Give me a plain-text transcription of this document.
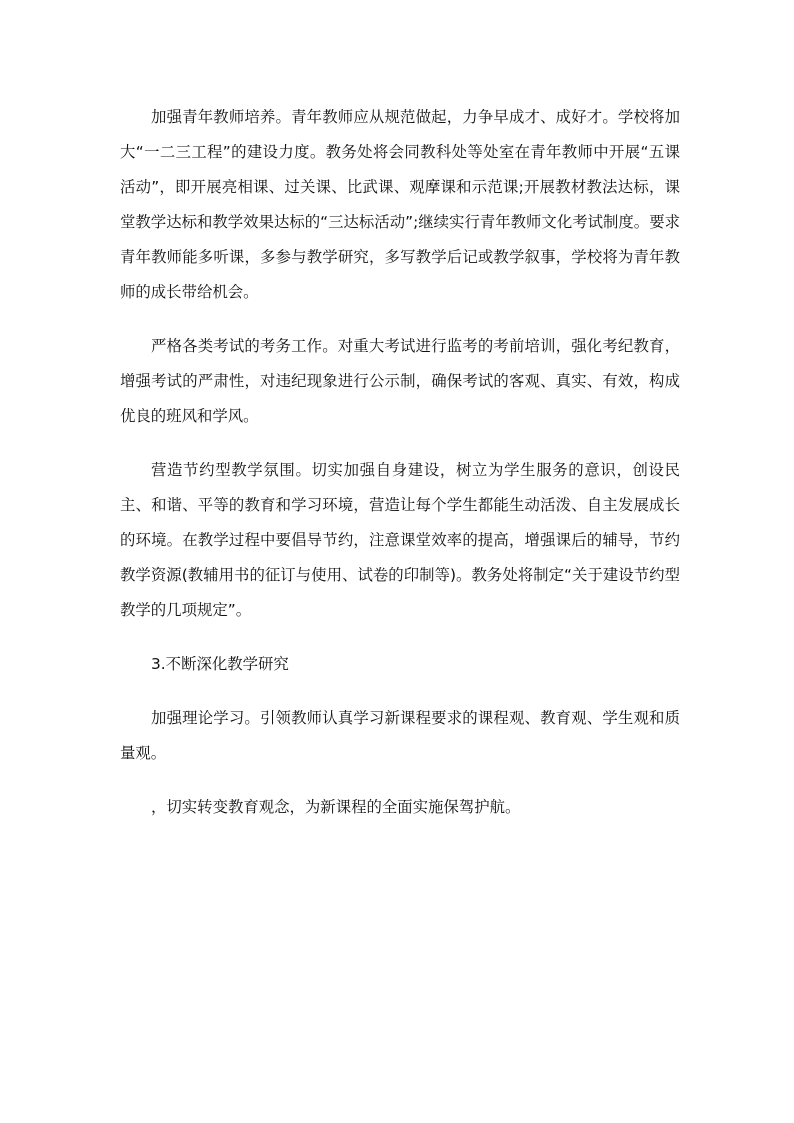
加强青年教师培养。青年教师应从规范做起，力争早成才、成好才。学校将加大“一二三工程”的建设力度。教务处将会同教科处等处室在青年教师中开展“五课活动”，即开展亮相课、过关课、比武课、观摩课和示范课;开展教材教法达标，课堂教学达标和教学效果达标的“三达标活动”;继续实行青年教师文化考试制度。要求青年教师能多听课，多参与教学研究，多写教学后记或教学叙事，学校将为青年教师的成长带给机会。

严格各类考试的考务工作。对重大考试进行监考的考前培训，强化考纪教育，增强考试的严肃性，对违纪现象进行公示制，确保考试的客观、真实、有效，构成优良的班风和学风。

营造节约型教学氛围。切实加强自身建设，树立为学生服务的意识，创设民主、和谐、平等的教育和学习环境，营造让每个学生都能生动活泼、自主发展成长的环境。在教学过程中要倡导节约，注意课堂效率的提高，增强课后的辅导，节约教学资源(教辅用书的征订与使用、试卷的印制等)。教务处将制定“关于建设节约型教学的几项规定”。

3.不断深化教学研究

加强理论学习。引领教师认真学习新课程要求的课程观、教育观、学生观和质量观。

，切实转变教育观念，为新课程的全面实施保驾护航。
